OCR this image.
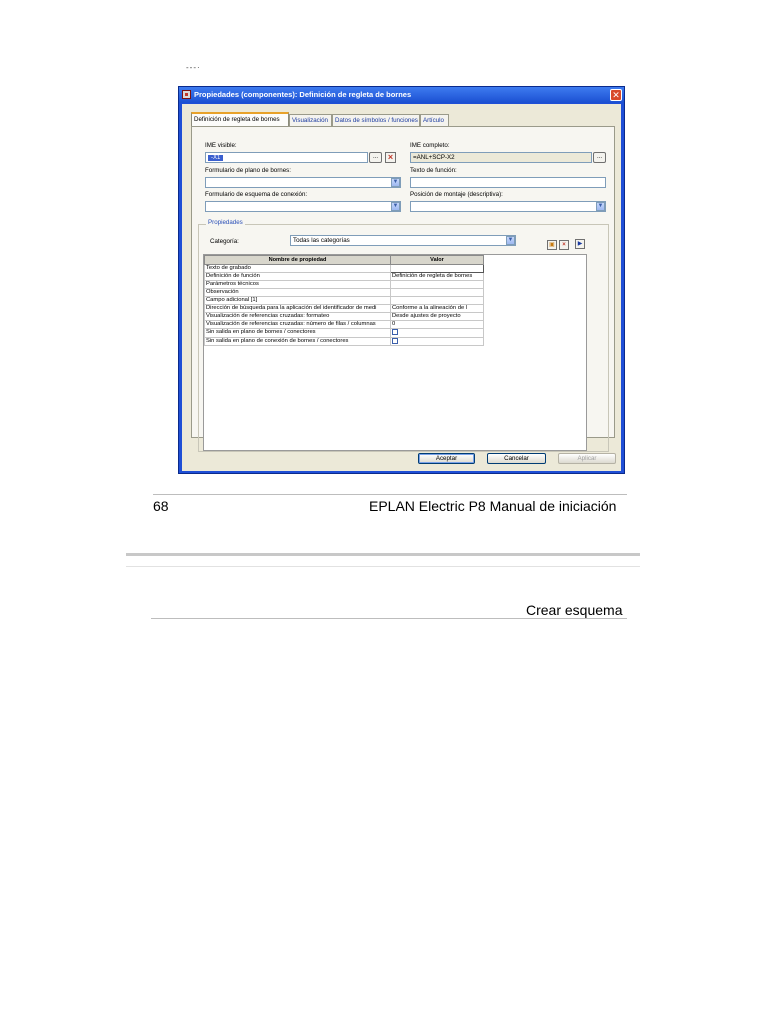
---·
Propiedades (componentes): Definición de regleta de bornes	✕
Definición de regleta de bornes	Visualización	Datos de símbolos / funciones Artículo
IME visible:
-X1	...	×
IME completo:
=ANL+SCP-X2	...
Formulario de plano de bornes:
▼
Texto de función:
Formulario de esquema de conexión:
▼
Posición de montaje (descriptiva):
▼
Categoría:	Todas las categorías	▼
▣	×	▶
Nombre de propiedad	Valor
Texto de grabado	
Definición de función	Definición de regleta de bornes
Parámetros técnicos	
Observación	
Campo adicional [1]	
Dirección de búsqueda para la aplicación del identificador de medi	Conforme a la alineación de l
Visualización de referencias cruzadas: formateo	Desde ajustes de proyecto
Visualización de referencias cruzadas: número de filas / columnas	0
Sin salida en plano de bornes / conectores	
Sin salida en plano de conexión de bornes / conectores	
Propiedades
Aceptar	Cancelar	Aplicar
68	EPLAN Electric P8 Manual de iniciación
Crear esquema
